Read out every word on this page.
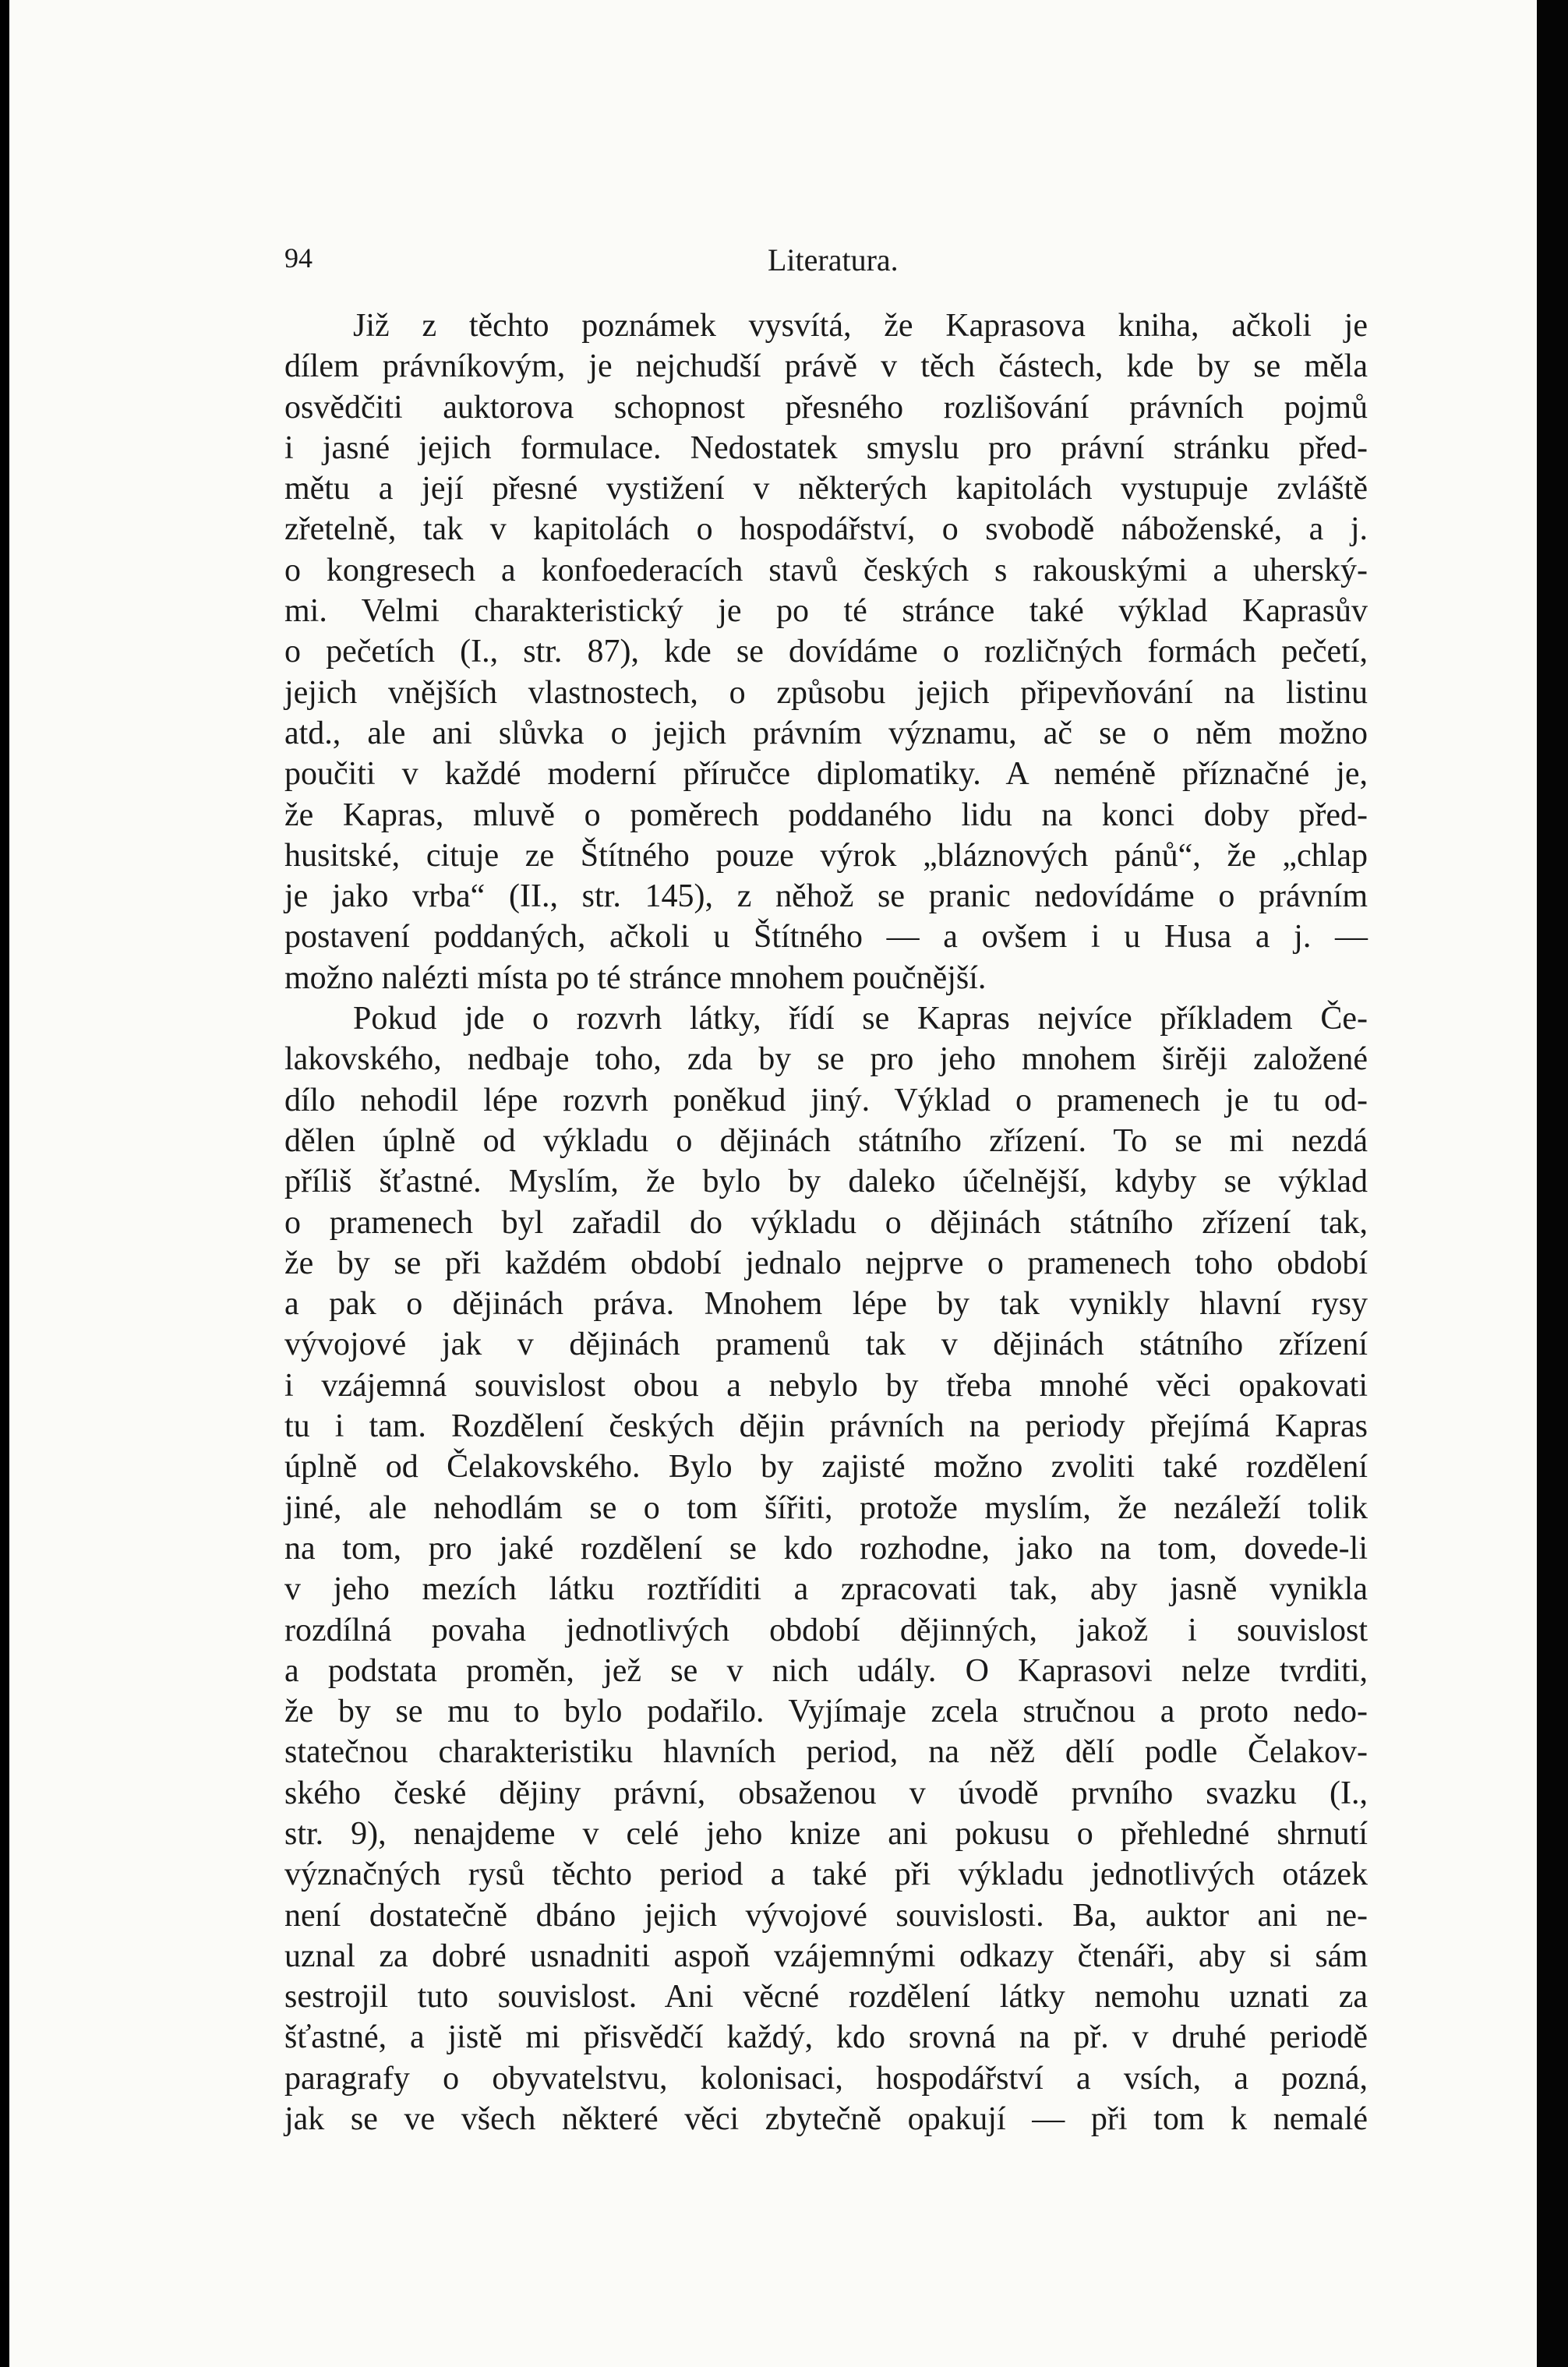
94	Literatura.
Již z těchto poznámek vysvítá, že Kaprasova kniha, ačkoli je
dílem právníkovým, je nejchudší právě v těch částech, kde by se měla
osvědčiti auktorova schopnost přesného rozlišování právních pojmů
i jasné jejich formulace. Nedostatek smyslu pro právní stránku před-
mětu a její přesné vystižení v některých kapitolách vystupuje zvláště
zřetelně, tak v kapitolách o hospodářství, o svobodě náboženské, a j.
o kongresech a konfoederacích stavů českých s rakouskými a uherský-
mi. Velmi charakteristický je po té stránce také výklad Kaprasův
o pečetích (I., str. 87), kde se dovídáme o rozličných formách pečetí,
jejich vnějších vlastnostech, o způsobu jejich připevňování na listinu
atd., ale ani slůvka o jejich právním významu, ač se o něm možno
poučiti v každé moderní příručce diplomatiky. A neméně příznačné je,
že Kapras, mluvě o poměrech poddaného lidu na konci doby před-
husitské, cituje ze Štítného pouze výrok „bláznových pánů“, že „chlap
je jako vrba“ (II., str. 145), z něhož se pranic nedovídáme o právním
postavení poddaných, ačkoli u Štítného — a ovšem i u Husa a j. —
možno nalézti místa po té stránce mnohem poučnější.
Pokud jde o rozvrh látky, řídí se Kapras nejvíce příkladem Če-
lakovského, nedbaje toho, zda by se pro jeho mnohem širěji založené
dílo nehodil lépe rozvrh poněkud jiný. Výklad o pramenech je tu od-
dělen úplně od výkladu o dějinách státního zřízení. To se mi nezdá
příliš šťastné. Myslím, že bylo by daleko účelnější, kdyby se výklad
o pramenech byl zařadil do výkladu o dějinách státního zřízení tak,
že by se při každém období jednalo nejprve o pramenech toho období
a pak o dějinách práva. Mnohem lépe by tak vynikly hlavní rysy
vývojové jak v dějinách pramenů tak v dějinách státního zřízení
i vzájemná souvislost obou a nebylo by třeba mnohé věci opakovati
tu i tam. Rozdělení českých dějin právních na periody přejímá Kapras
úplně od Čelakovského. Bylo by zajisté možno zvoliti také rozdělení
jiné, ale nehodlám se o tom šířiti, protože myslím, že nezáleží tolik
na tom, pro jaké rozdělení se kdo rozhodne, jako na tom, dovede-li
v jeho mezích látku roztříditi a zpracovati tak, aby jasně vynikla
rozdílná povaha jednotlivých období dějinných, jakož i souvislost
a podstata proměn, jež se v nich udály. O Kaprasovi nelze tvrditi,
že by se mu to bylo podařilo. Vyjímaje zcela stručnou a proto nedo-
statečnou charakteristiku hlavních period, na něž dělí podle Čelakov-
ského české dějiny právní, obsaženou v úvodě prvního svazku (I.,
str. 9), nenajdeme v celé jeho knize ani pokusu o přehledné shrnutí
význačných rysů těchto period a také při výkladu jednotlivých otázek
není dostatečně dbáno jejich vývojové souvislosti. Ba, auktor ani ne-
uznal za dobré usnadniti aspoň vzájemnými odkazy čtenáři, aby si sám
sestrojil tuto souvislost. Ani věcné rozdělení látky nemohu uznati za
šťastné, a jistě mi přisvědčí každý, kdo srovná na př. v druhé periodě
paragrafy o obyvatelstvu, kolonisaci, hospodářství a vsích, a pozná,
jak se ve všech některé věci zbytečně opakují — při tom k nemalé
